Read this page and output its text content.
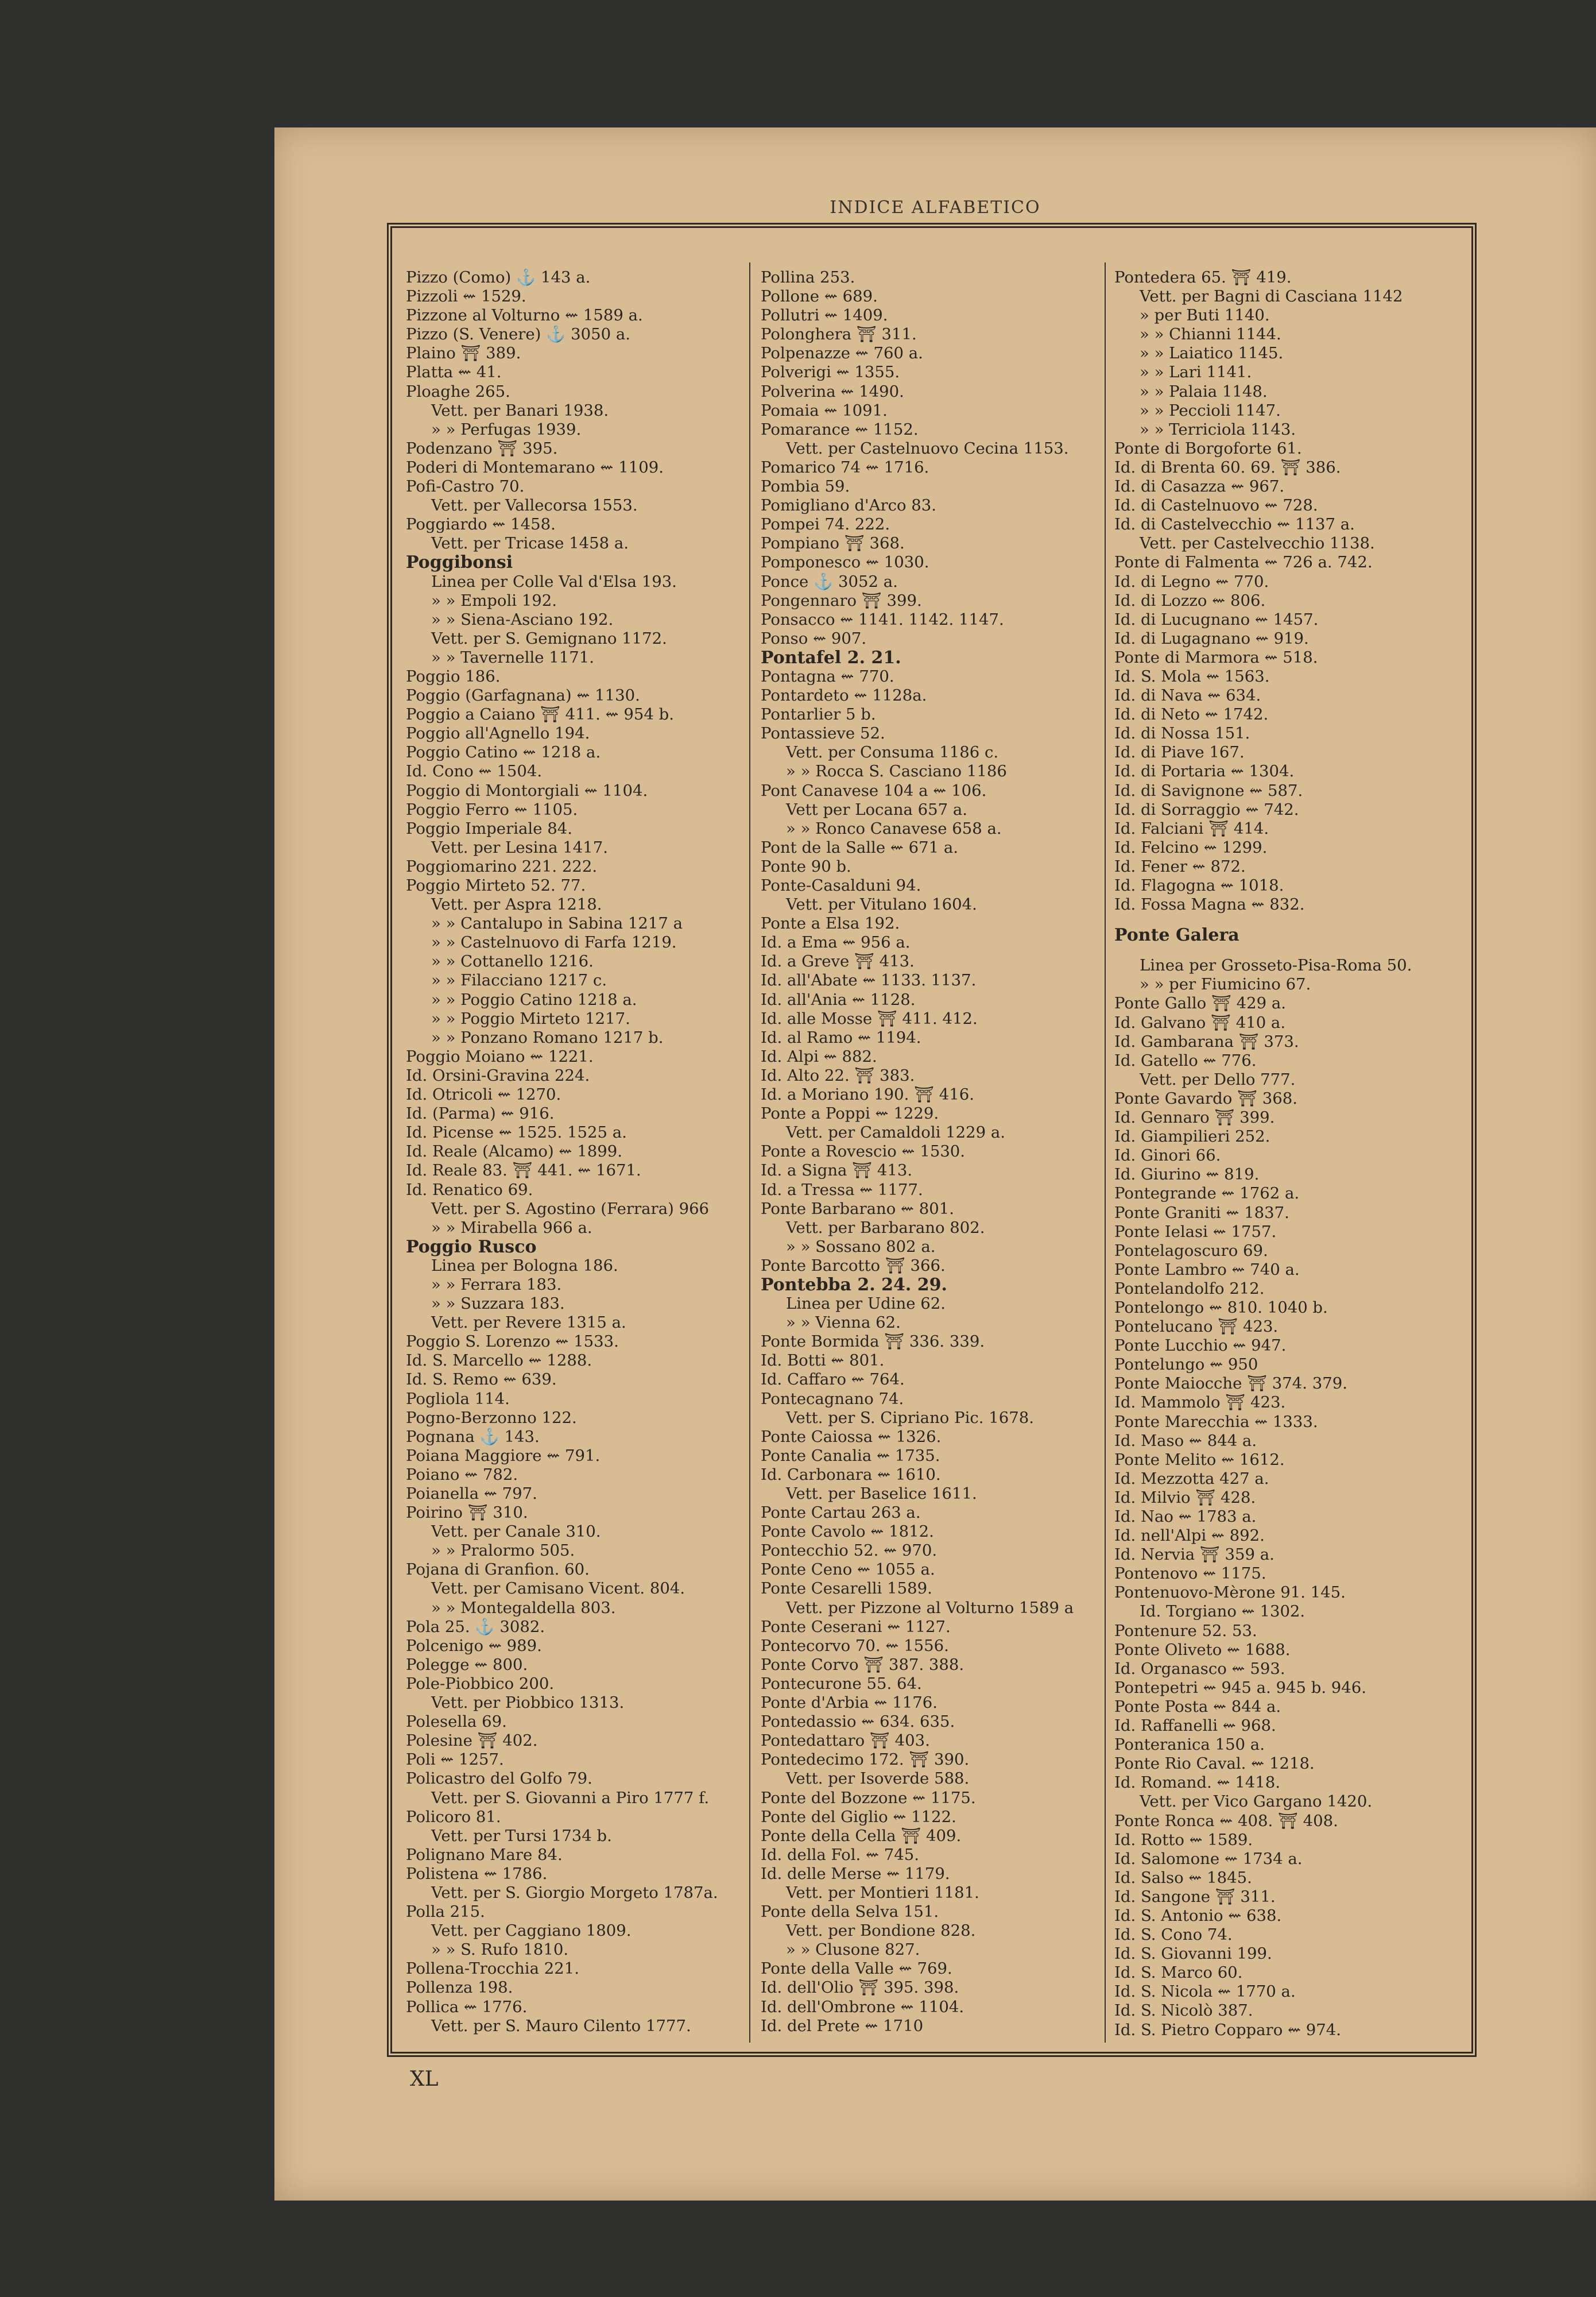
INDICE ALFABETICO
Pizzo (Como) ⚓ 143 a.
Pizzoli ⇜ 1529.
Pizzone al Volturno ⇜ 1589 a.
Pizzo (S. Venere) ⚓ 3050 a.
Plaino ⛩ 389.
Platta ⇜ 41.
Ploaghe 265.
Vett. per Banari 1938.
» » Perfugas 1939.
Podenzano ⛩ 395.
Poderi di Montemarano ⇜ 1109.
Pofi-Castro 70.
Vett. per Vallecorsa 1553.
Poggiardo ⇜ 1458.
Vett. per Tricase 1458 a.
Poggibonsi
Linea per Colle Val d'Elsa 193.
» » Empoli 192.
» » Siena-Asciano 192.
Vett. per S. Gemignano 1172.
» » Tavernelle 1171.
Poggio 186.
Poggio (Garfagnana) ⇜ 1130.
Poggio a Caiano ⛩ 411. ⇜ 954 b.
Poggio all'Agnello 194.
Poggio Catino ⇜ 1218 a.
Id. Cono ⇜ 1504.
Poggio di Montorgiali ⇜ 1104.
Poggio Ferro ⇜ 1105.
Poggio Imperiale 84.
Vett. per Lesina 1417.
Poggiomarino 221. 222.
Poggio Mirteto 52. 77.
Vett. per Aspra 1218.
» » Cantalupo in Sabina 1217 a
» » Castelnuovo di Farfa 1219.
» » Cottanello 1216.
» » Filacciano 1217 c.
» » Poggio Catino 1218 a.
» » Poggio Mirteto 1217.
» » Ponzano Romano 1217 b.
Poggio Moiano ⇜ 1221.
Id. Orsini-Gravina 224.
Id. Otricoli ⇜ 1270.
Id. (Parma) ⇜ 916.
Id. Picense ⇜ 1525. 1525 a.
Id. Reale (Alcamo) ⇜ 1899.
Id. Reale 83. ⛩ 441. ⇜ 1671.
Id. Renatico 69.
Vett. per S. Agostino (Ferrara) 966
» » Mirabella 966 a.
Poggio Rusco
Linea per Bologna 186.
» » Ferrara 183.
» » Suzzara 183.
Vett. per Revere 1315 a.
Poggio S. Lorenzo ⇜ 1533.
Id. S. Marcello ⇜ 1288.
Id. S. Remo ⇜ 639.
Pogliola 114.
Pogno-Berzonno 122.
Pognana ⚓ 143.
Poiana Maggiore ⇜ 791.
Poiano ⇜ 782.
Poianella ⇜ 797.
Poirino ⛩ 310.
Vett. per Canale 310.
» » Pralormo 505.
Pojana di Granfion. 60.
Vett. per Camisano Vicent. 804.
» » Montegaldella 803.
Pola 25. ⚓ 3082.
Polcenigo ⇜ 989.
Polegge ⇜ 800.
Pole-Piobbico 200.
Vett. per Piobbico 1313.
Polesella 69.
Polesine ⛩ 402.
Poli ⇜ 1257.
Policastro del Golfo 79.
Vett. per S. Giovanni a Piro 1777 f.
Policoro 81.
Vett. per Tursi 1734 b.
Polignano Mare 84.
Polistena ⇜ 1786.
Vett. per S. Giorgio Morgeto 1787a.
Polla 215.
Vett. per Caggiano 1809.
» » S. Rufo 1810.
Pollena-Trocchia 221.
Pollenza 198.
Pollica ⇜ 1776.
Vett. per S. Mauro Cilento 1777.
Pollina 253.
Pollone ⇜ 689.
Pollutri ⇜ 1409.
Polonghera ⛩ 311.
Polpenazze ⇜ 760 a.
Polverigi ⇜ 1355.
Polverina ⇜ 1490.
Pomaia ⇜ 1091.
Pomarance ⇜ 1152.
Vett. per Castelnuovo Cecina 1153.
Pomarico 74 ⇜ 1716.
Pombia 59.
Pomigliano d'Arco 83.
Pompei 74. 222.
Pompiano ⛩ 368.
Pomponesco ⇜ 1030.
Ponce ⚓ 3052 a.
Pongennaro ⛩ 399.
Ponsacco ⇜ 1141. 1142. 1147.
Ponso ⇜ 907.
Pontafel 2. 21.
Pontagna ⇜ 770.
Pontardeto ⇜ 1128a.
Pontarlier 5 b.
Pontassieve 52.
Vett. per Consuma 1186 c.
» » Rocca S. Casciano 1186
Pont Canavese 104 a ⇜ 106.
Vett per Locana 657 a.
» » Ronco Canavese 658 a.
Pont de la Salle ⇜ 671 a.
Ponte 90 b.
Ponte-Casalduni 94.
Vett. per Vitulano 1604.
Ponte a Elsa 192.
Id. a Ema ⇜ 956 a.
Id. a Greve ⛩ 413.
Id. all'Abate ⇜ 1133. 1137.
Id. all'Ania ⇜ 1128.
Id. alle Mosse ⛩ 411. 412.
Id. al Ramo ⇜ 1194.
Id. Alpi ⇜ 882.
Id. Alto 22. ⛩ 383.
Id. a Moriano 190. ⛩ 416.
Ponte a Poppi ⇜ 1229.
Vett. per Camaldoli 1229 a.
Ponte a Rovescio ⇜ 1530.
Id. a Signa ⛩ 413.
Id. a Tressa ⇜ 1177.
Ponte Barbarano ⇜ 801.
Vett. per Barbarano 802.
» » Sossano 802 a.
Ponte Barcotto ⛩ 366.
Pontebba 2. 24. 29.
Linea per Udine 62.
» » Vienna 62.
Ponte Bormida ⛩ 336. 339.
Id. Botti ⇜ 801.
Id. Caffaro ⇜ 764.
Pontecagnano 74.
Vett. per S. Cipriano Pic. 1678.
Ponte Caiossa ⇜ 1326.
Ponte Canalia ⇜ 1735.
Id. Carbonara ⇜ 1610.
Vett. per Baselice 1611.
Ponte Cartau 263 a.
Ponte Cavolo ⇜ 1812.
Pontecchio 52. ⇜ 970.
Ponte Ceno ⇜ 1055 a.
Ponte Cesarelli 1589.
Vett. per Pizzone al Volturno 1589 a
Ponte Ceserani ⇜ 1127.
Pontecorvo 70. ⇜ 1556.
Ponte Corvo ⛩ 387. 388.
Pontecurone 55. 64.
Ponte d'Arbia ⇜ 1176.
Pontedassio ⇜ 634. 635.
Pontedattaro ⛩ 403.
Pontedecimo 172. ⛩ 390.
Vett. per Isoverde 588.
Ponte del Bozzone ⇜ 1175.
Ponte del Giglio ⇜ 1122.
Ponte della Cella ⛩ 409.
Id. della Fol. ⇜ 745.
Id. delle Merse ⇜ 1179.
Vett. per Montieri 1181.
Ponte della Selva 151.
Vett. per Bondione 828.
» » Clusone 827.
Ponte della Valle ⇜ 769.
Id. dell'Olio ⛩ 395. 398.
Id. dell'Ombrone ⇜ 1104.
Id. del Prete ⇜ 1710
Pontedera 65. ⛩ 419.
Vett. per Bagni di Casciana 1142
» per Buti 1140.
» » Chianni 1144.
» » Laiatico 1145.
» » Lari 1141.
» » Palaia 1148.
» » Peccioli 1147.
» » Terriciola 1143.
Ponte di Borgoforte 61.
Id. di Brenta 60. 69. ⛩ 386.
Id. di Casazza ⇜ 967.
Id. di Castelnuovo ⇜ 728.
Id. di Castelvecchio ⇜ 1137 a.
Vett. per Castelvecchio 1138.
Ponte di Falmenta ⇜ 726 a. 742.
Id. di Legno ⇜ 770.
Id. di Lozzo ⇜ 806.
Id. di Lucugnano ⇜ 1457.
Id. di Lugagnano ⇜ 919.
Ponte di Marmora ⇜ 518.
Id. S. Mola ⇜ 1563.
Id. di Nava ⇜ 634.
Id. di Neto ⇜ 1742.
Id. di Nossa 151.
Id. di Piave 167.
Id. di Portaria ⇜ 1304.
Id. di Savignone ⇜ 587.
Id. di Sorraggio ⇜ 742.
Id. Falciani ⛩ 414.
Id. Felcino ⇜ 1299.
Id. Fener ⇜ 872.
Id. Flagogna ⇜ 1018.
Id. Fossa Magna ⇜ 832.
Ponte Galera
Linea per Grosseto-Pisa-Roma 50.
» » per Fiumicino 67.
Ponte Gallo ⛩ 429 a.
Id. Galvano ⛩ 410 a.
Id. Gambarana ⛩ 373.
Id. Gatello ⇜ 776.
Vett. per Dello 777.
Ponte Gavardo ⛩ 368.
Id. Gennaro ⛩ 399.
Id. Giampilieri 252.
Id. Ginori 66.
Id. Giurino ⇜ 819.
Pontegrande ⇜ 1762 a.
Ponte Graniti ⇜ 1837.
Ponte Ielasi ⇜ 1757.
Pontelagoscuro 69.
Ponte Lambro ⇜ 740 a.
Pontelandolfo 212.
Pontelongo ⇜ 810. 1040 b.
Pontelucano ⛩ 423.
Ponte Lucchio ⇜ 947.
Pontelungo ⇜ 950
Ponte Maiocche ⛩ 374. 379.
Id. Mammolo ⛩ 423.
Ponte Marecchia ⇜ 1333.
Id. Maso ⇜ 844 a.
Ponte Melito ⇜ 1612.
Id. Mezzotta 427 a.
Id. Milvio ⛩ 428.
Id. Nao ⇜ 1783 a.
Id. nell'Alpi ⇜ 892.
Id. Nervia ⛩ 359 a.
Pontenovo ⇜ 1175.
Pontenuovo-Mèrone 91. 145.
Id. Torgiano ⇜ 1302.
Pontenure 52. 53.
Ponte Oliveto ⇜ 1688.
Id. Organasco ⇜ 593.
Pontepetri ⇜ 945 a. 945 b. 946.
Ponte Posta ⇜ 844 a.
Id. Raffanelli ⇜ 968.
Ponteranica 150 a.
Ponte Rio Caval. ⇜ 1218.
Id. Romand. ⇜ 1418.
Vett. per Vico Gargano 1420.
Ponte Ronca ⇜ 408. ⛩ 408.
Id. Rotto ⇜ 1589.
Id. Salomone ⇜ 1734 a.
Id. Salso ⇜ 1845.
Id. Sangone ⛩ 311.
Id. S. Antonio ⇜ 638.
Id. S. Cono 74.
Id. S. Giovanni 199.
Id. S. Marco 60.
Id. S. Nicola ⇜ 1770 a.
Id. S. Nicolò 387.
Id. S. Pietro Copparo ⇜ 974.
XL
